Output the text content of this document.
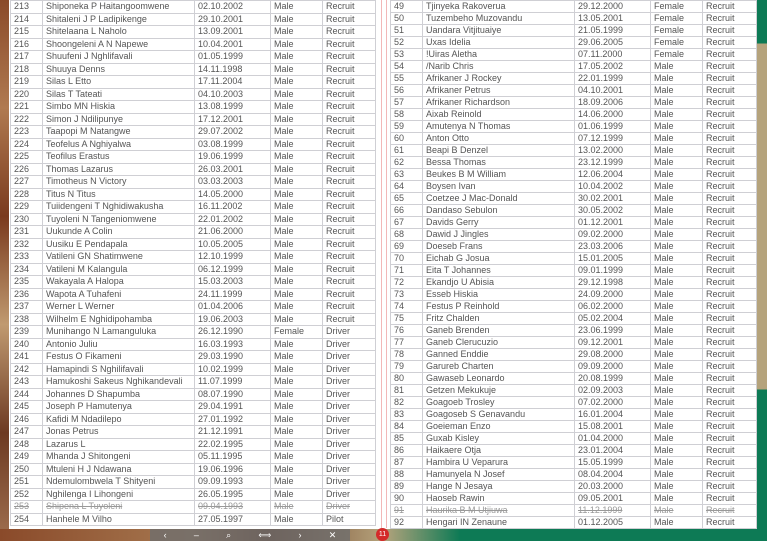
213	Shiponeka P Haitangoomwene	02.10.2002	Male	Recruit
214	Shitaleni J P Ladipikenge	29.10.2001	Male	Recruit
215	Shitelaana L Naholo	13.09.2001	Male	Recruit
216	Shoongeleni A N Napewe	10.04.2001	Male	Recruit
217	Shuufeni J Nghlifavali	01.05.1999	Male	Recruit
218	Shuuya Denns	14.11.1998	Male	Recruit
219	Silas L Etto	17.11.2004	Male	Recruit
220	Silas T Tateati	04.10.2003	Male	Recruit
221	Simbo MN Hiskia	13.08.1999	Male	Recruit
222	Simon J Ndilipunye	17.12.2001	Male	Recruit
223	Taapopi M Natangwe	29.07.2002	Male	Recruit
224	Teofelus A Nghiyalwa	03.08.1999	Male	Recruit
225	Teofilus Erastus	19.06.1999	Male	Recruit
226	Thomas Lazarus	26.03.2001	Male	Recruit
227	Timotheus N Victory	03.03.2003	Male	Recruit
228	Titus N Titus	14.05.2000	Male	Recruit
229	Tuiidengeni T Nghidiwakusha	16.11.2002	Male	Recruit
230	Tuyoleni N Tangeniomwene	22.01.2002	Male	Recruit
231	Uukunde A Colin	21.06.2000	Male	Recruit
232	Uusiku E Pendapala	10.05.2005	Male	Recruit
233	Vatileni GN Shatimwene	12.10.1999	Male	Recruit
234	Vatileni M Kalangula	06.12.1999	Male	Recruit
235	Wakayala A Halopa	15.03.2003	Male	Recruit
236	Wapota A Tuhafeni	24.11.1999	Male	Recruit
237	Werner L Werner	01.04.2006	Male	Recruit
238	Wilhelm E Nghidipohamba	19.06.2003	Male	Recruit
239	Munihango N Lamanguluka	26.12.1990	Female	Driver
240	Antonio Juliu	16.03.1993	Male	Driver
241	Festus O Fikameni	29.03.1990	Male	Driver
242	Hamapindi S Nghilifavali	10.02.1999	Male	Driver
243	Hamukoshi Sakeus Nghikandevali	11.07.1999	Male	Driver
244	Johannes D Shapumba	08.07.1990	Male	Driver
245	Joseph P Hamutenya	29.04.1991	Male	Driver
246	Kafidi M Ndadilepo	27.01.1992	Male	Driver
247	Jonas Petrus	21.12.1991	Male	Driver
248	Lazarus L	22.02.1995	Male	Driver
249	Mhanda J Shitongeni	05.11.1995	Male	Driver
250	Mtuleni H J Ndawana	19.06.1996	Male	Driver
251	Ndemulombwela T Shityeni	09.09.1993	Male	Driver
252	Nghilenga I Lihongeni	26.05.1995	Male	Driver
253	Shipena L Tuyoleni	09.04.1993	Male	Driver
254	Hanhele M Vilho	27.05.1997	Male	Pilot
49	Tjinyeka Rakoverua	29.12.2000	Female	Recruit
50	Tuzembeho Muzovandu	13.05.2001	Female	Recruit
51	Uandara Vitjituaiye	21.05.1999	Female	Recruit
52	Uxas Idelia	29.06.2005	Female	Recruit
53	!Uiras Aletha	07.11.2000	Female	Recruit
54	/Narib Chris	17.05.2002	Male	Recruit
55	Afrikaner J Rockey	22.01.1999	Male	Recruit
56	Afrikaner Petrus	04.10.2001	Male	Recruit
57	Afrikaner Richardson	18.09.2006	Male	Recruit
58	Aixab Reinold	14.06.2000	Male	Recruit
59	Amutenya N Thomas	01.06.1999	Male	Recruit
60	Anton Otto	07.12.1999	Male	Recruit
61	Beapi B Denzel	13.02.2000	Male	Recruit
62	Bessa Thomas	23.12.1999	Male	Recruit
63	Beukes B M William	12.06.2004	Male	Recruit
64	Boysen Ivan	10.04.2002	Male	Recruit
65	Coetzee J Mac-Donald	30.02.2001	Male	Recruit
66	Dandaso Sebulon	30.05.2002	Male	Recruit
67	Davids Gerry	01.12.2001	Male	Recruit
68	Dawid J Jingles	09.02.2000	Male	Recruit
69	Doeseb Frans	23.03.2006	Male	Recruit
70	Eichab G Josua	15.01.2005	Male	Recruit
71	Eita T Johannes	09.01.1999	Male	Recruit
72	Ekandjo U Abisia	29.12.1998	Male	Recruit
73	Esseb Hiskia	24.09.2000	Male	Recruit
74	Festus P Reinhold	06.02.2000	Male	Recruit
75	Fritz Chalden	05.02.2004	Male	Recruit
76	Ganeb Brenden	23.06.1999	Male	Recruit
77	Ganeb Clerucuzio	09.12.2001	Male	Recruit
78	Ganned Enddie	29.08.2000	Male	Recruit
79	Garureb Charten	09.09.2000	Male	Recruit
80	Gawaseb Leonardo	20.08.1999	Male	Recruit
81	Getzen Mekukuje	02.09.2003	Male	Recruit
82	Goagoeb Trosley	07.02.2000	Male	Recruit
83	Goagoseb S Genavandu	16.01.2004	Male	Recruit
84	Goeieman Enzo	15.08.2001	Male	Recruit
85	Guxab Kisley	01.04.2000	Male	Recruit
86	Haikaere Otja	23.01.2004	Male	Recruit
87	Hambira U Veparura	15.05.1999	Male	Recruit
88	Hamunyela N Josef	08.04.2004	Male	Recruit
89	Hange N Jesaya	20.03.2000	Male	Recruit
90	Haoseb Rawin	09.05.2001	Male	Recruit
91	Haurika B M Utjiuwa	11.12.1999	Male	Recruit
92	Hengari IN Zenaune	01.12.2005	Male	Recruit
‹	–	⌕	⟺	›	✕	11
